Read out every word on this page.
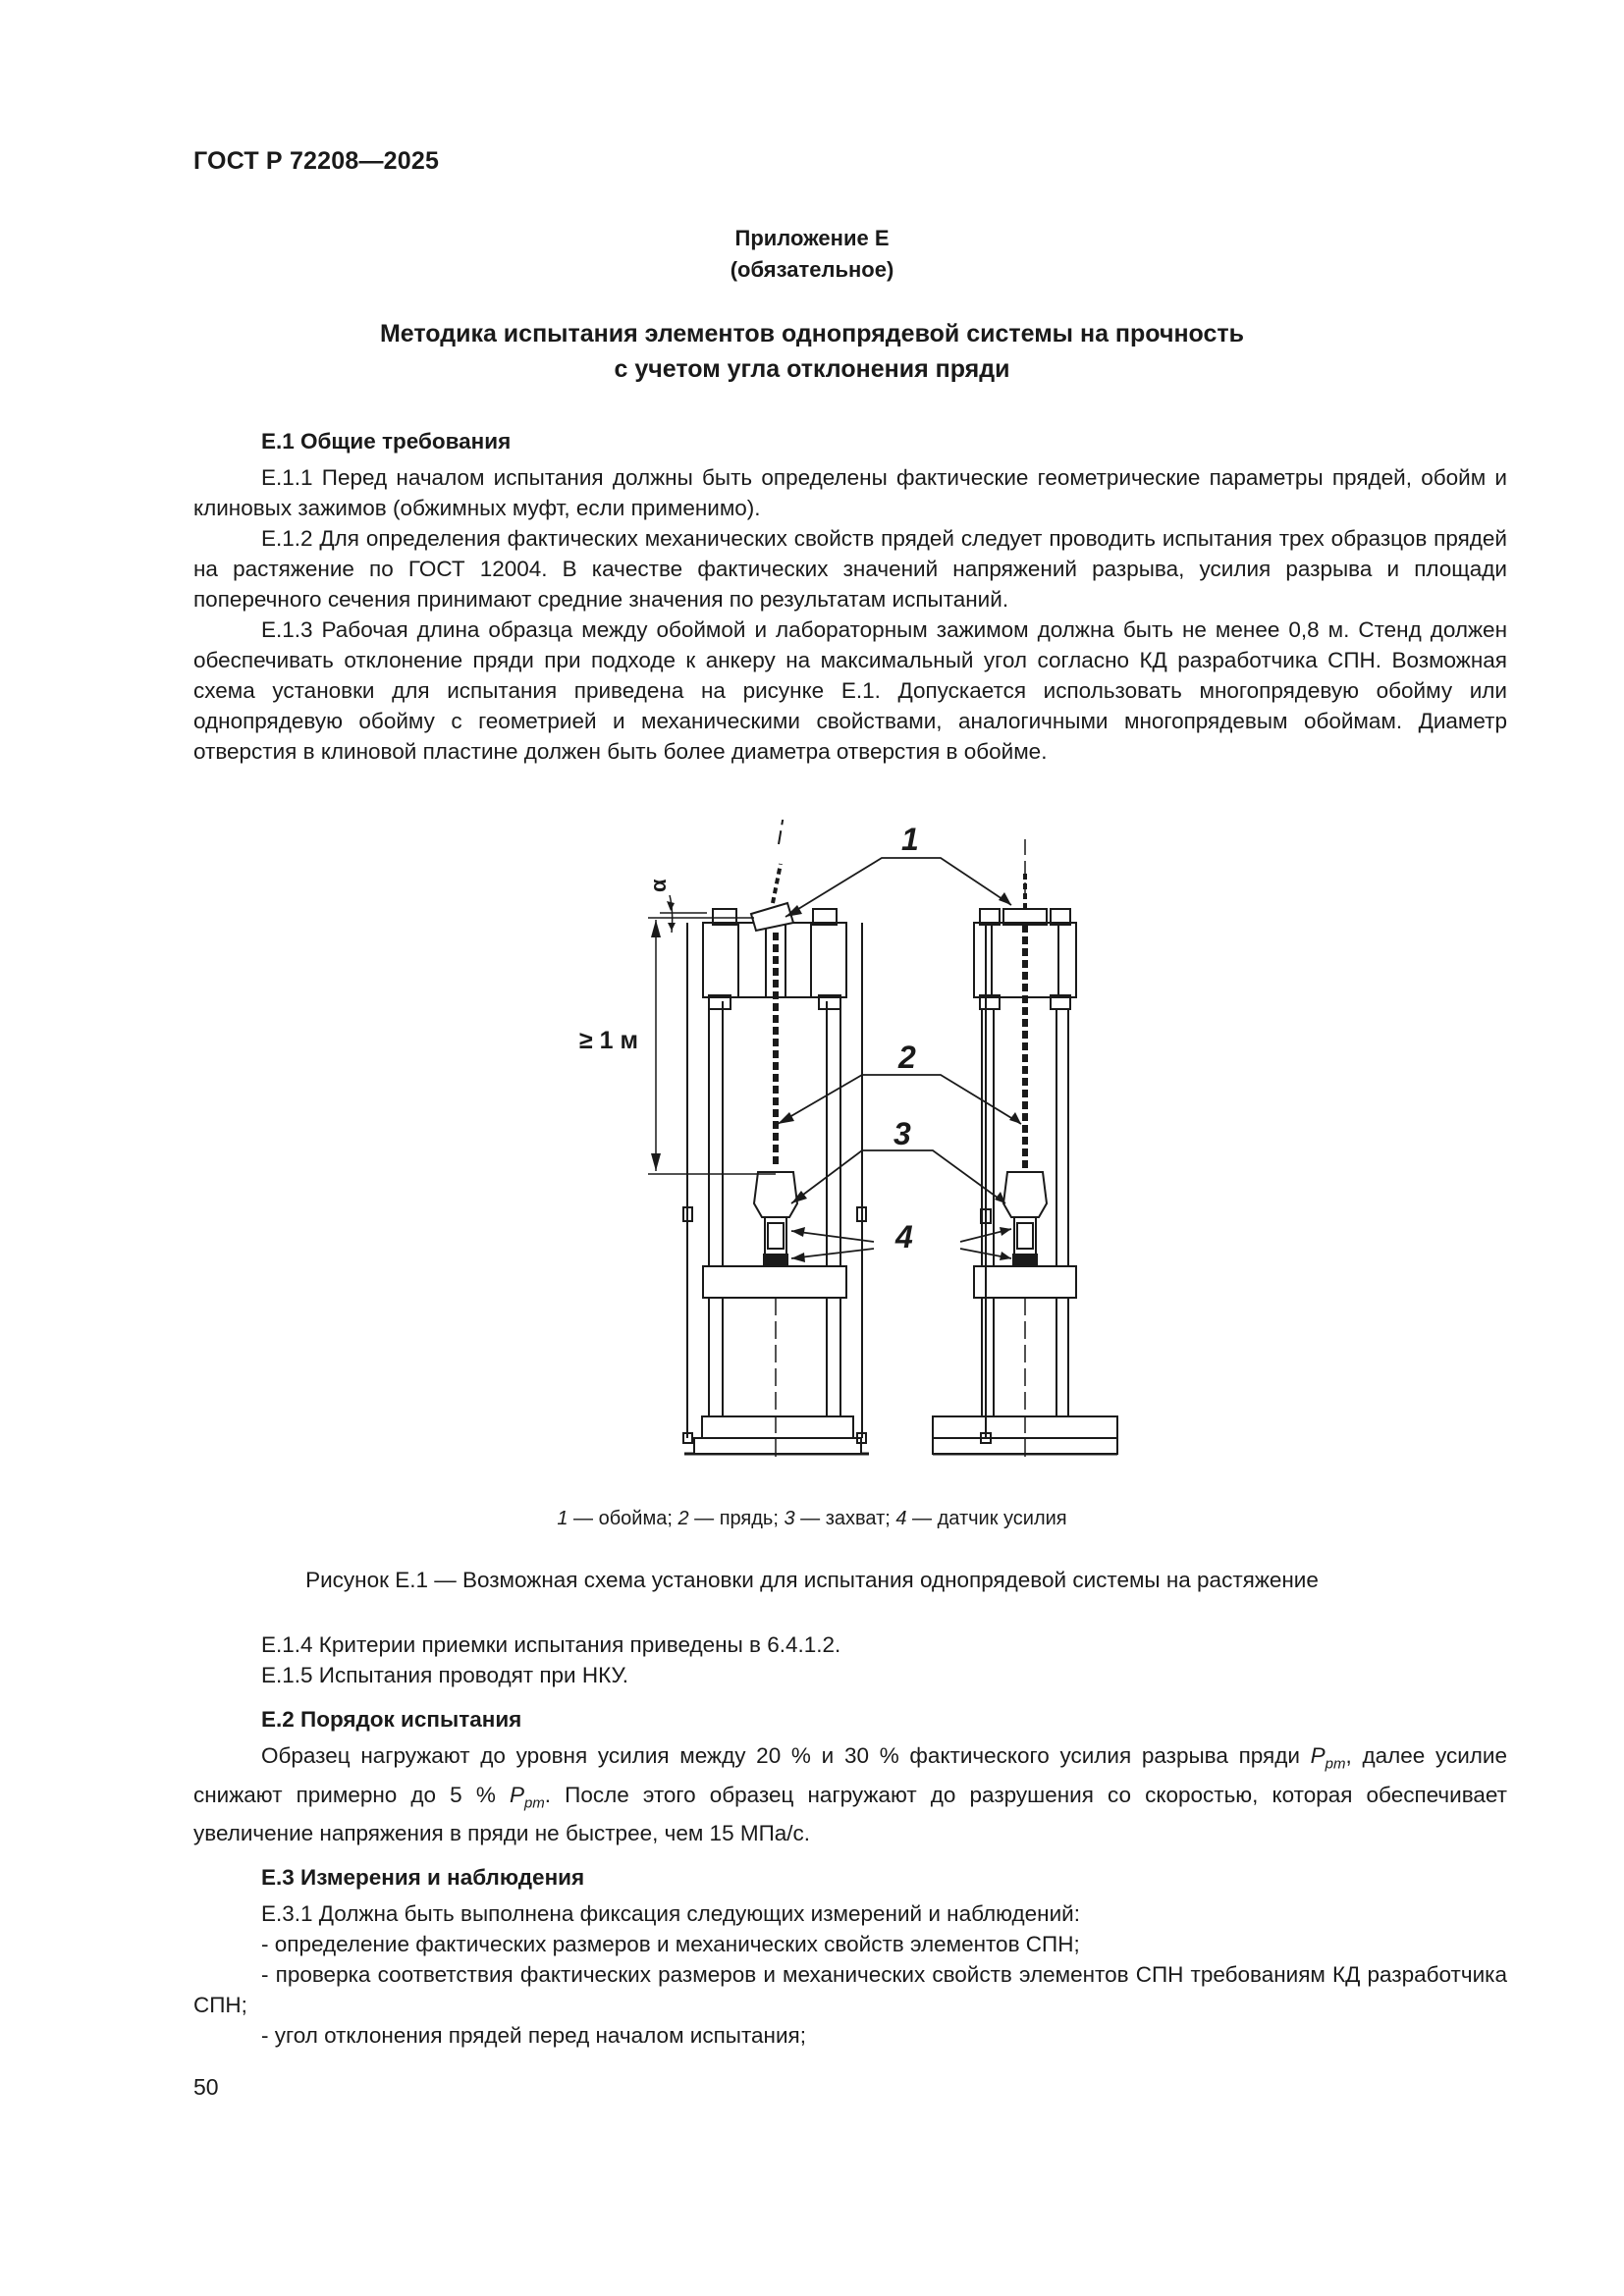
ГОСТ Р 72208—2025
Приложение Е
(обязательное)
Методика испытания элементов однопрядевой системы на прочность
с учетом угла отклонения пряди

Е.1 Общие требования

Е.1.1 Перед началом испытания должны быть определены фактические геометрические параметры прядей, обойм и клиновых зажимов (обжимных муфт, если применимо).

Е.1.2 Для определения фактических механических свойств прядей следует проводить испытания трех образцов прядей на растяжение по ГОСТ 12004. В качестве фактических значений напряжений разрыва, усилия разрыва и площади поперечного сечения принимают средние значения по результатам испытаний.

Е.1.3 Рабочая длина образца между обоймой и лабораторным зажимом должна быть не менее 0,8 м. Стенд должен обеспечивать отклонение пряди при подходе к анкеру на максимальный угол согласно КД разработчика СПН. Возможная схема установки для испытания приведена на рисунке Е.1. Допускается использовать многопрядевую обойму или однопрядевую обойму с геометрией и механическими свойствами, аналогичными многопрядевым обоймам. Диаметр отверстия в клиновой пластине должен быть более диаметра отверстия в обойме.

α
≥ 1 м
1
2
3
4
1 — обойма; 2 — прядь; 3 — захват; 4 — датчик усилия
Рисунок Е.1 — Возможная схема установки для испытания однопрядевой системы на растяжение

Е.1.4 Критерии приемки испытания приведены в 6.4.1.2.

Е.1.5 Испытания проводят при НКУ.

Е.2 Порядок испытания

Образец нагружают до уровня усилия между 20 % и 30 % фактического усилия разрыва пряди $P_{pm}$, далее усилие снижают примерно до 5 % $P_{pm}$. После этого образец нагружают до разрушения со скоростью, которая обеспечивает увеличение напряжения в пряди не быстрее, чем 15 МПа/с.

Е.3 Измерения и наблюдения

Е.3.1 Должна быть выполнена фиксация следующих измерений и наблюдений:

- определение фактических размеров и механических свойств элементов СПН;

- проверка соответствия фактических размеров и механических свойств элементов СПН требованиям КД разработчика СПН;

- угол отклонения прядей перед началом испытания;

50
